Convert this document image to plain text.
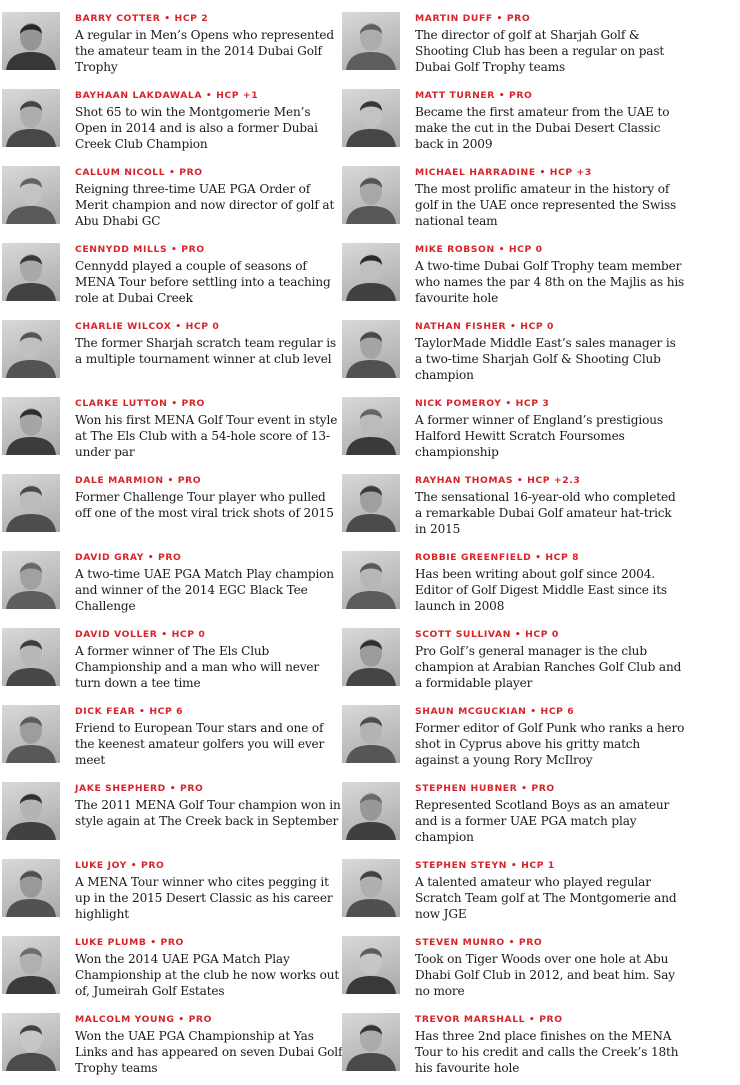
BARRY COTTER • HCP 2
A regular in Men’s Opens who represented the amateur team in the 2014 Dubai Golf Trophy
BAYHAAN LAKDAWALA • HCP +1
Shot 65 to win the Montgomerie Men’s Open in 2014 and is also a former Dubai Creek Club Champion
CALLUM NICOLL • PRO
Reigning three-time UAE PGA Order of Merit champion and now director of golf at Abu Dhabi GC
CENNYDD MILLS • PRO
Cennydd played a couple of seasons of MENA Tour before settling into a teaching role at Dubai Creek
CHARLIE WILCOX • HCP 0
The former Sharjah scratch team regular is a multiple tournament winner at club level
CLARKE LUTTON • PRO
Won his first MENA Golf Tour event in style at The Els Club with a 54-hole score of 13-under par
DALE MARMION • PRO
Former Challenge Tour player who pulled off one of the most viral trick shots of 2015
DAVID GRAY • PRO
A two-time UAE PGA Match Play champion and winner of the 2014 EGC Black Tee Challenge
DAVID VOLLER • HCP 0
A former winner of The Els Club Championship and a man who will never turn down a tee time
DICK FEAR • HCP 6
Friend to European Tour stars and one of the keenest amateur golfers you will ever meet
JAKE SHEPHERD • PRO
The 2011 MENA Golf Tour champion won in style again at The Creek back in September
LUKE JOY • PRO
A MENA Tour winner who cites pegging it up in the 2015 Desert Classic as his career highlight
LUKE PLUMB • PRO
Won the 2014 UAE PGA Match Play Championship at the club he now works out of, Jumeirah Golf Estates
MALCOLM YOUNG • PRO
Won the UAE PGA Championship at Yas Links and has appeared on seven Dubai Golf Trophy teams
MARTIN DUFF • PRO
The director of golf at Sharjah Golf & Shooting Club has been a regular on past Dubai Golf Trophy teams
MATT TURNER • PRO
Became the first amateur from the UAE to make the cut in the Dubai Desert Classic back in 2009
MICHAEL HARRADINE • HCP +3
The most prolific amateur in the history of golf in the UAE once represented the Swiss national team
MIKE ROBSON • HCP 0
A two-time Dubai Golf Trophy team member who names the par 4 8th on the Majlis as his favourite hole
NATHAN FISHER • HCP 0
TaylorMade Middle East’s sales manager is a two-time Sharjah Golf & Shooting Club champion
NICK POMEROY • HCP 3
A former winner of England’s prestigious Halford Hewitt Scratch Foursomes championship
RAYHAN THOMAS • HCP +2.3
The sensational 16-year-old who completed a remarkable Dubai Golf amateur hat-trick in 2015
ROBBIE GREENFIELD • HCP 8
Has been writing about golf since 2004. Editor of Golf Digest Middle East since its launch in 2008
SCOTT SULLIVAN • HCP 0
Pro Golf’s general manager is the club champion at Arabian Ranches Golf Club and a formidable player
SHAUN MCGUCKIAN • HCP 6
Former editor of Golf Punk who ranks a hero shot in Cyprus above his gritty match against a young Rory McIlroy
STEPHEN HUBNER • PRO
Represented Scotland Boys as an amateur and is a former UAE PGA match play champion
STEPHEN STEYN • HCP 1
A talented amateur who played regular Scratch Team golf at The Montgomerie and now JGE
STEVEN MUNRO • PRO
Took on Tiger Woods over one hole at Abu Dhabi Golf Club in 2012, and beat him. Say no more
TREVOR MARSHALL • PRO
Has three 2nd place finishes on the MENA Tour to his credit and calls the Creek’s 18th his favourite hole
